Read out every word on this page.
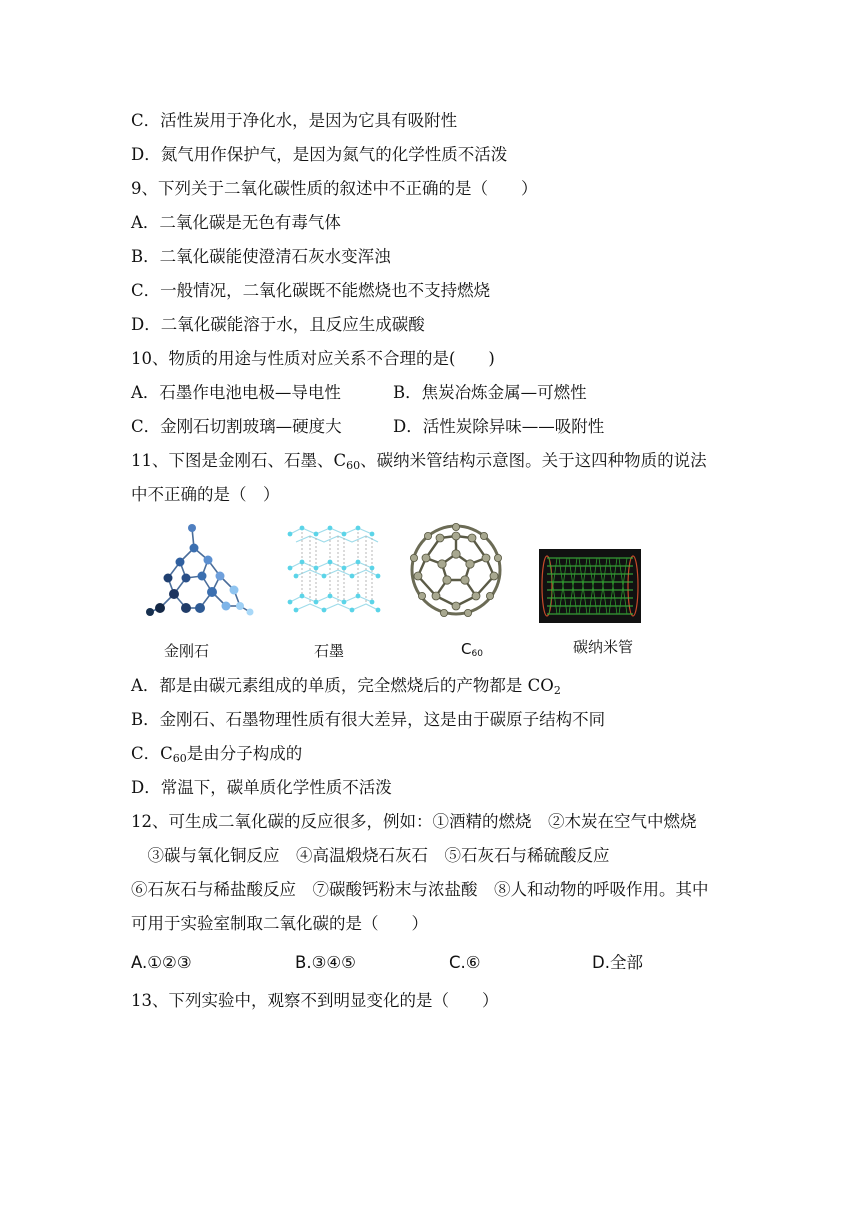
C．活性炭用于净化水，是因为它具有吸附性
D．氮气用作保护气，是因为氮气的化学性质不活泼
9、下列关于二氧化碳性质的叙述中不正确的是（　　）
A．二氧化碳是无色有毒气体
B．二氧化碳能使澄清石灰水变浑浊
C．一般情况，二氧化碳既不能燃烧也不支持燃烧
D．二氧化碳能溶于水，且反应生成碳酸
10、物质的用途与性质对应关系不合理的是(　　)
A．石墨作电池电极—导电性	B．焦炭冶炼金属—可燃性
C．金刚石切割玻璃—硬度大	D．活性炭除异味——吸附性
11、下图是金刚石、石墨、$C_{60}$、碳纳米管结构示意图。关于这四种物质的说法
中不正确的是（　）
金刚石	石墨	C60	碳纳米管
A．都是由碳元素组成的单质，完全燃烧后的产物都是 $CO_2$
B．金刚石、石墨物理性质有很大差异，这是由于碳原子结构不同
C．$C_{60}$是由分子构成的
D．常温下，碳单质化学性质不活泼
12、可生成二氧化碳的反应很多，例如：①酒精的燃烧　②木炭在空气中燃烧
　③碳与氧化铜反应　④高温煅烧石灰石　⑤石灰石与稀硫酸反应
⑥石灰石与稀盐酸反应　⑦碳酸钙粉末与浓盐酸　⑧人和动物的呼吸作用。其中
可用于实验室制取二氧化碳的是（　　）
A.①②③	B.③④⑤	C.⑥	D.全部
13、下列实验中，观察不到明显变化的是（　　）
